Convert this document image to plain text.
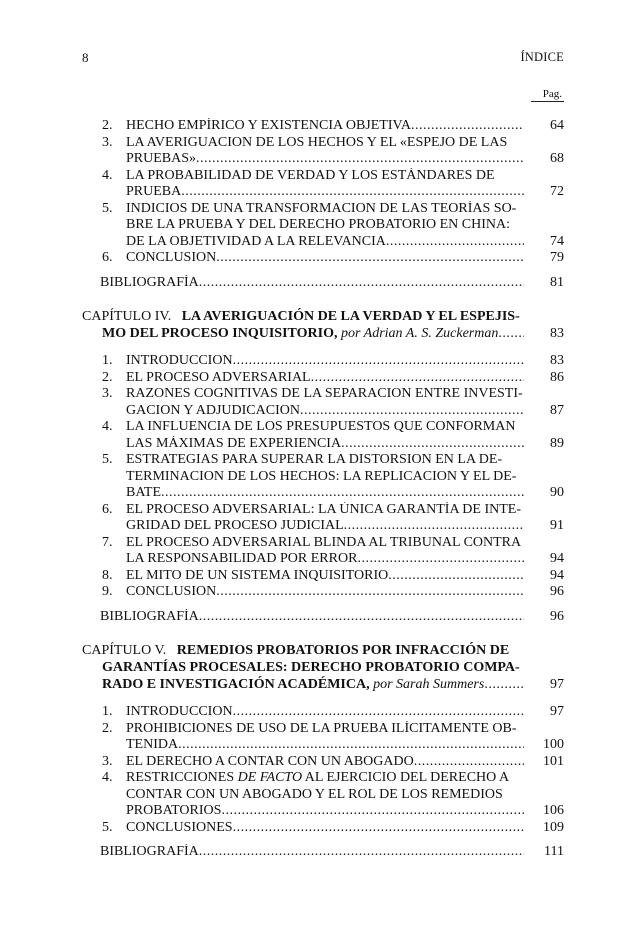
8	ÍNDICE
Pag.
2. HECHO EMPÍRICO Y EXISTENCIA OBJETIVA .....	64
3. LA AVERIGUACION DE LOS HECHOS Y EL «ESPEJO DE LAS
PRUEBAS» .....	68
4. LA PROBABILIDAD DE VERDAD Y LOS ESTÁNDARES DE
PRUEBA .....	72
5. INDICIOS DE UNA TRANSFORMACION DE LAS TEORÍAS SO-
BRE LA PRUEBA Y DEL DERECHO PROBATORIO EN CHINA:
DE LA OBJETIVIDAD A LA RELEVANCIA .....	74
6. CONCLUSION .....	79
BIBLIOGRAFÍA .....	81
CAPÍTULO IV. LA AVERIGUACIÓN DE LA VERDAD Y EL ESPEJIS-
MO DEL PROCESO INQUISITORIO, por Adrian A. S. Zuckerman .....	83
1. INTRODUCCION .....	83
2. EL PROCESO ADVERSARIAL .....	86
3. RAZONES COGNITIVAS DE LA SEPARACION ENTRE INVESTI-
GACION Y ADJUDICACION .....	87
4. LA INFLUENCIA DE LOS PRESUPUESTOS QUE CONFORMAN
LAS MÁXIMAS DE EXPERIENCIA .....	89
5. ESTRATEGIAS PARA SUPERAR LA DISTORSION EN LA DE-
TERMINACION DE LOS HECHOS: LA REPLICACION Y EL DE-
BATE .....	90
6. EL PROCESO ADVERSARIAL: LA ÚNICA GARANTÍA DE INTE-
GRIDAD DEL PROCESO JUDICIAL .....	91
7. EL PROCESO ADVERSARIAL BLINDA AL TRIBUNAL CONTRA
LA RESPONSABILIDAD POR ERROR .....	94
8. EL MITO DE UN SISTEMA INQUISITORIO .....	94
9. CONCLUSION .....	96
BIBLIOGRAFÍA .....	96
CAPÍTULO V. REMEDIOS PROBATORIOS POR INFRACCIÓN DE
GARANTÍAS PROCESALES: DERECHO PROBATORIO COMPA-
RADO E INVESTIGACIÓN ACADÉMICA, por Sarah Summers .....	97
1. INTRODUCCION .....	97
2. PROHIBICIONES DE USO DE LA PRUEBA ILÍCITAMENTE OB-
TENIDA .....	100
3. EL DERECHO A CONTAR CON UN ABOGADO .....	101
4. RESTRICCIONES DE FACTO AL EJERCICIO DEL DERECHO A
CONTAR CON UN ABOGADO Y EL ROL DE LOS REMEDIOS
PROBATORIOS .....	106
5. CONCLUSIONES .....	109
BIBLIOGRAFÍA .....	111
